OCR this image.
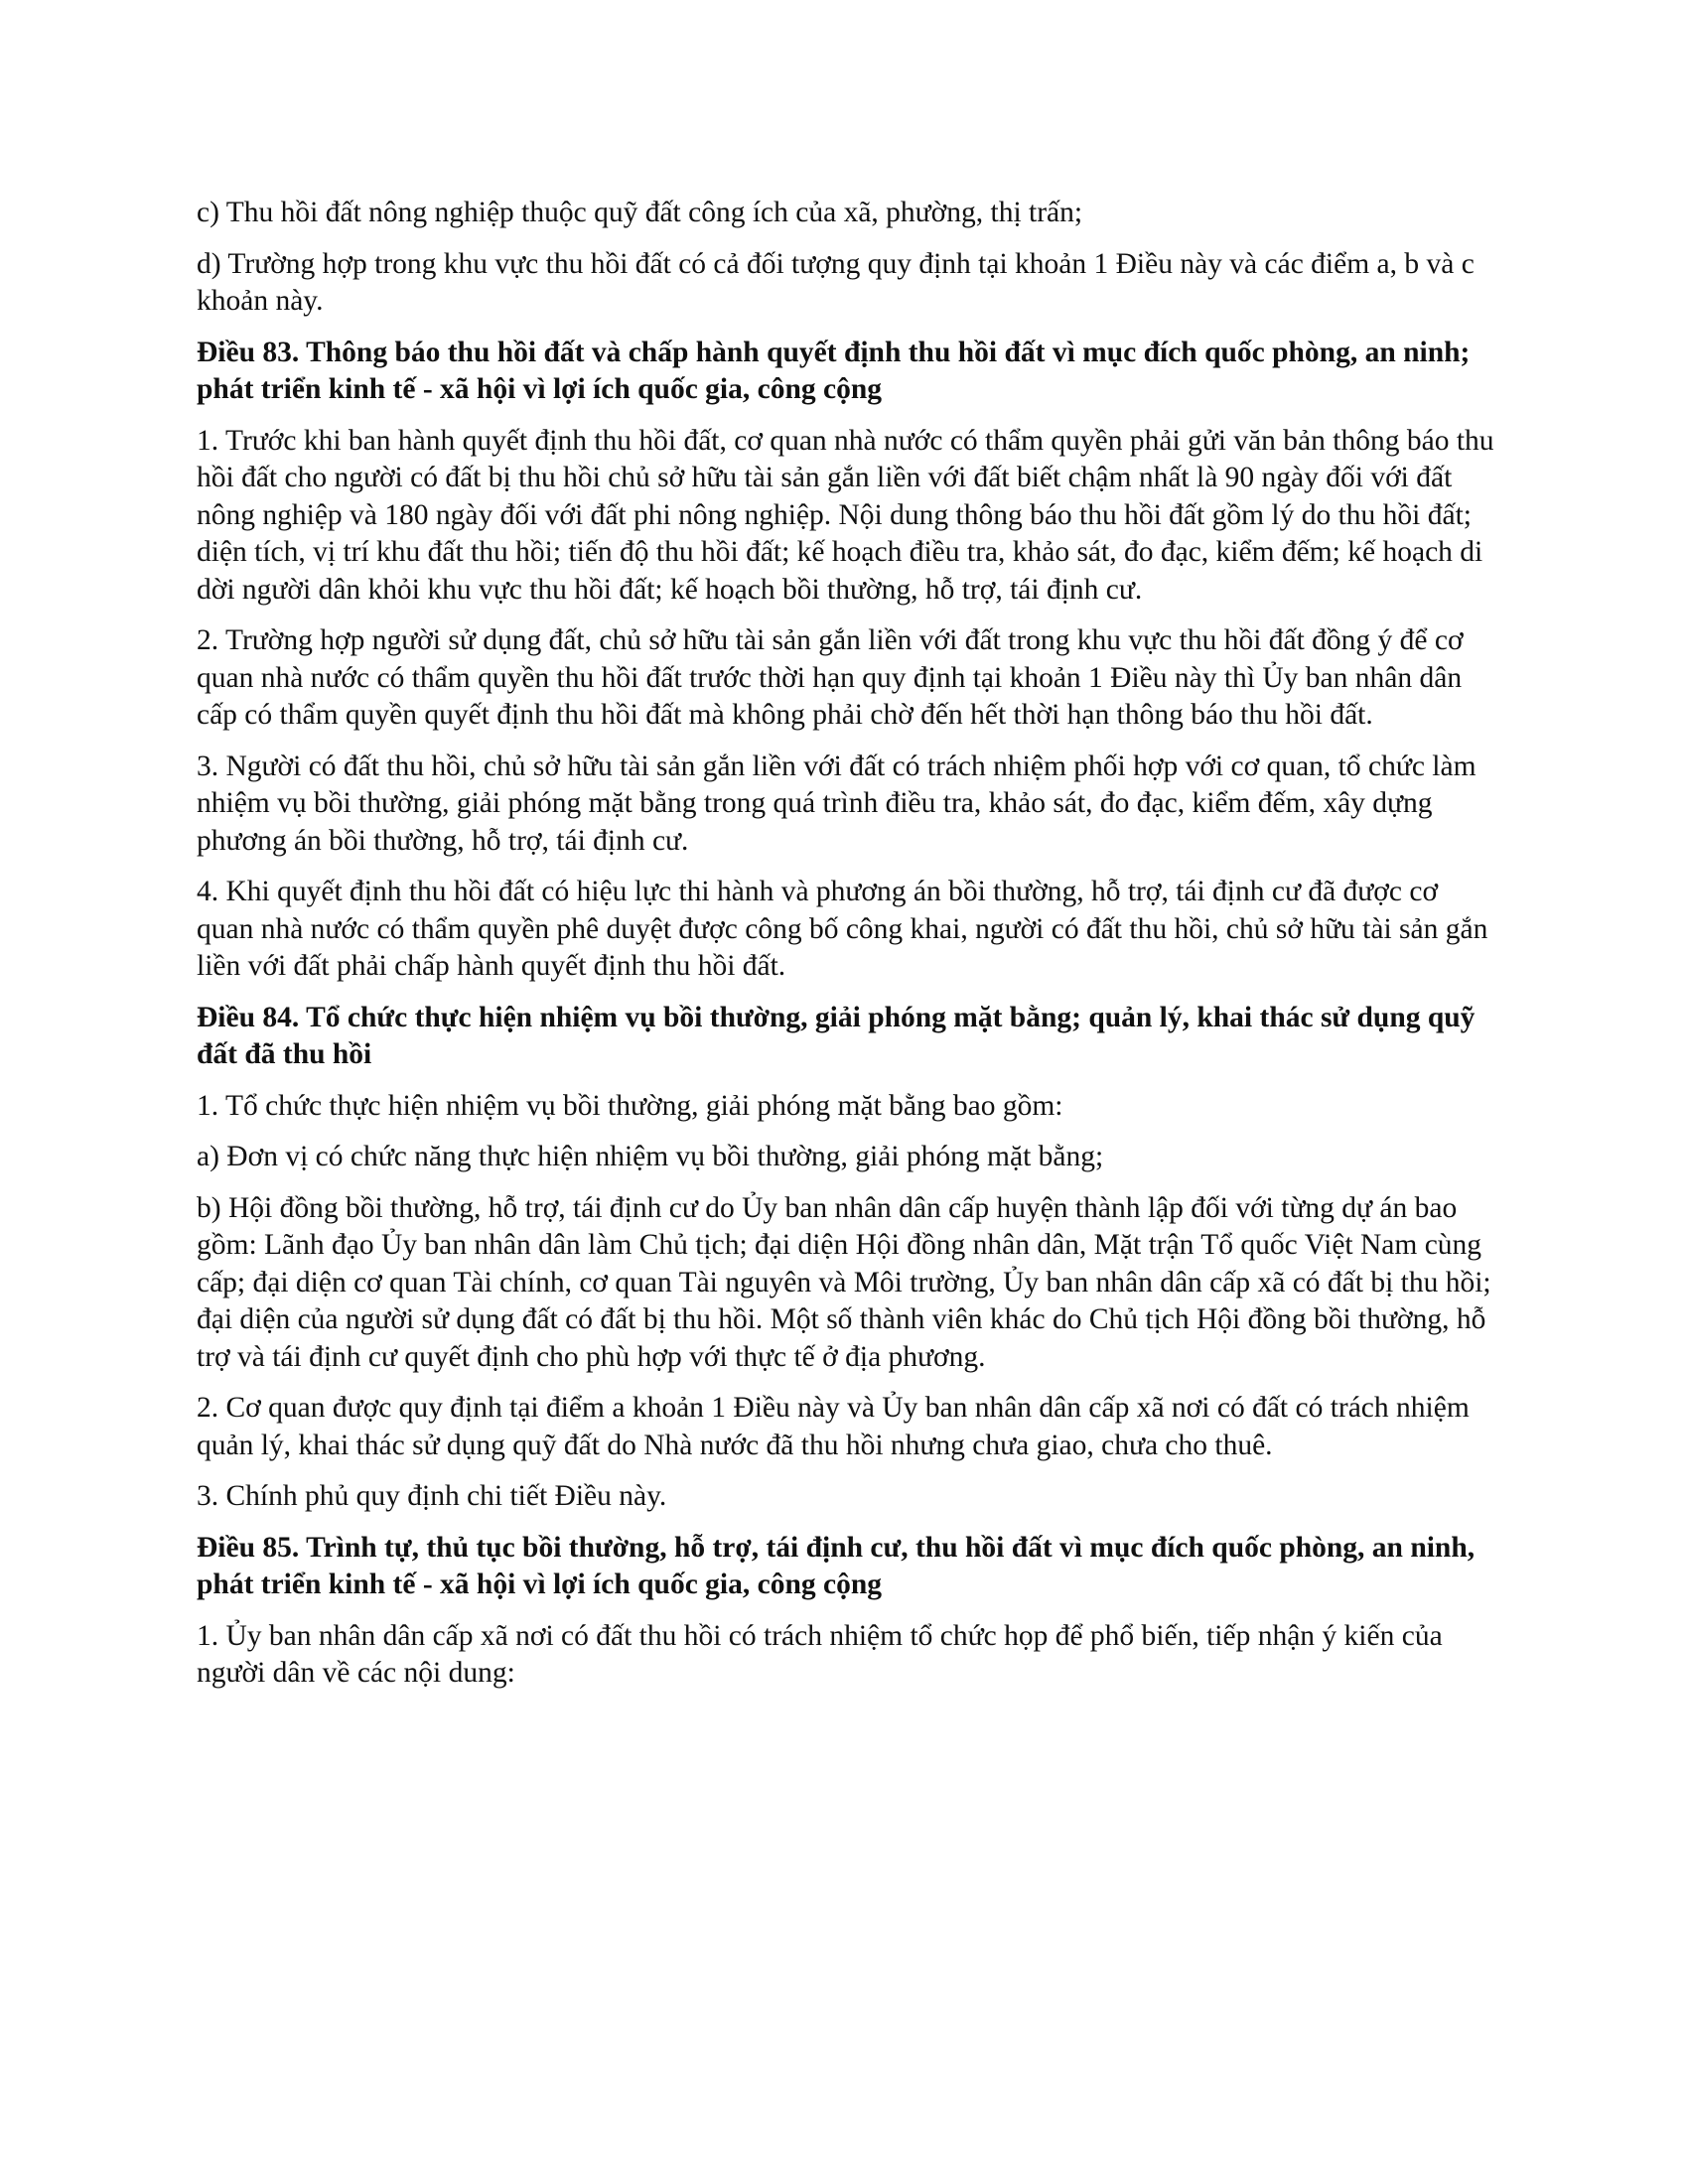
c) Thu hồi đất nông nghiệp thuộc quỹ đất công ích của xã, phường, thị trấn;

d) Trường hợp trong khu vực thu hồi đất có cả đối tượng quy định tại khoản 1 Điều này và các điểm a, b và c khoản này.

Điều 83. Thông báo thu hồi đất và chấp hành quyết định thu hồi đất vì mục đích quốc phòng, an ninh; phát triển kinh tế - xã hội vì lợi ích quốc gia, công cộng

1. Trước khi ban hành quyết định thu hồi đất, cơ quan nhà nước có thẩm quyền phải gửi văn bản thông báo thu hồi đất cho người có đất bị thu hồi chủ sở hữu tài sản gắn liền với đất biết chậm nhất là 90 ngày đối với đất nông nghiệp và 180 ngày đối với đất phi nông nghiệp. Nội dung thông báo thu hồi đất gồm lý do thu hồi đất; diện tích, vị trí khu đất thu hồi; tiến độ thu hồi đất; kế hoạch điều tra, khảo sát, đo đạc, kiểm đếm; kế hoạch di dời người dân khỏi khu vực thu hồi đất; kế hoạch bồi thường, hỗ trợ, tái định cư.

2. Trường hợp người sử dụng đất, chủ sở hữu tài sản gắn liền với đất trong khu vực thu hồi đất đồng ý để cơ quan nhà nước có thẩm quyền thu hồi đất trước thời hạn quy định tại khoản 1 Điều này thì Ủy ban nhân dân cấp có thẩm quyền quyết định thu hồi đất mà không phải chờ đến hết thời hạn thông báo thu hồi đất.

3. Người có đất thu hồi, chủ sở hữu tài sản gắn liền với đất có trách nhiệm phối hợp với cơ quan, tổ chức làm nhiệm vụ bồi thường, giải phóng mặt bằng trong quá trình điều tra, khảo sát, đo đạc, kiểm đếm, xây dựng phương án bồi thường, hỗ trợ, tái định cư.

4. Khi quyết định thu hồi đất có hiệu lực thi hành và phương án bồi thường, hỗ trợ, tái định cư đã được cơ quan nhà nước có thẩm quyền phê duyệt được công bố công khai, người có đất thu hồi, chủ sở hữu tài sản gắn liền với đất phải chấp hành quyết định thu hồi đất.

Điều 84. Tổ chức thực hiện nhiệm vụ bồi thường, giải phóng mặt bằng; quản lý, khai thác sử dụng quỹ đất đã thu hồi

1. Tổ chức thực hiện nhiệm vụ bồi thường, giải phóng mặt bằng bao gồm:

a) Đơn vị có chức năng thực hiện nhiệm vụ bồi thường, giải phóng mặt bằng;

b) Hội đồng bồi thường, hỗ trợ, tái định cư do Ủy ban nhân dân cấp huyện thành lập đối với từng dự án bao gồm: Lãnh đạo Ủy ban nhân dân làm Chủ tịch; đại diện Hội đồng nhân dân, Mặt trận Tổ quốc Việt Nam cùng cấp; đại diện cơ quan Tài chính, cơ quan Tài nguyên và Môi trường, Ủy ban nhân dân cấp xã có đất bị thu hồi; đại diện của người sử dụng đất có đất bị thu hồi. Một số thành viên khác do Chủ tịch Hội đồng bồi thường, hỗ trợ và tái định cư quyết định cho phù hợp với thực tế ở địa phương.

2. Cơ quan được quy định tại điểm a khoản 1 Điều này và Ủy ban nhân dân cấp xã nơi có đất có trách nhiệm quản lý, khai thác sử dụng quỹ đất do Nhà nước đã thu hồi nhưng chưa giao, chưa cho thuê.

3. Chính phủ quy định chi tiết Điều này.

Điều 85. Trình tự, thủ tục bồi thường, hỗ trợ, tái định cư, thu hồi đất vì mục đích quốc phòng, an ninh, phát triển kinh tế - xã hội vì lợi ích quốc gia, công cộng

1. Ủy ban nhân dân cấp xã nơi có đất thu hồi có trách nhiệm tổ chức họp để phổ biến, tiếp nhận ý kiến của người dân về các nội dung:
